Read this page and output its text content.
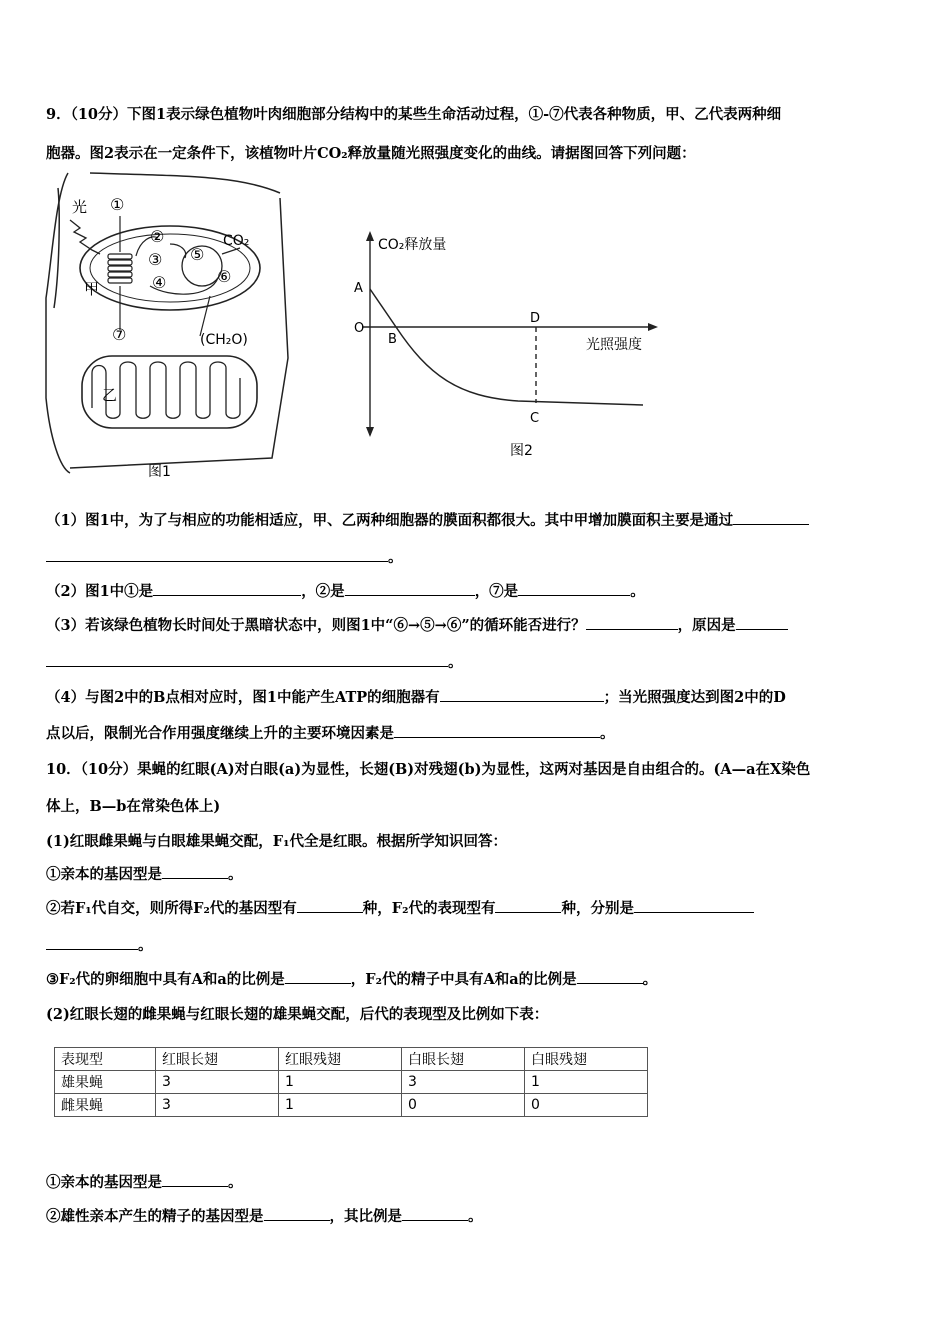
9．（10分）下图1表示绿色植物叶肉细胞部分结构中的某些生命活动过程，①-⑦代表各种物质，甲、乙代表两种细
胞器。图2表示在一定条件下，该植物叶片CO₂释放量随光照强度变化的曲线。请据图回答下列问题：
光 ①
②
③
④
⑤
⑥
⑦
CO₂
甲
乙
(CH₂O)
图1
CO₂释放量
光照强度
A
O
B
D
C
图2
（1）图1中，为了与相应的功能相适应，甲、乙两种细胞器的膜面积都很大。其中甲增加膜面积主要是通过
。
（2）图1中①是	，②是	，⑦是	。
（3）若该绿色植物长时间处于黑暗状态中，则图1中“⑥→⑤→⑥”的循环能否进行？	，原因是
。
（4）与图2中的B点相对应时，图1中能产生ATP的细胞器有	；当光照强度达到图2中的D
点以后，限制光合作用强度继续上升的主要环境因素是	。
10．（10分）果蝇的红眼(A)对白眼(a)为显性，长翅(B)对残翅(b)为显性，这两对基因是自由组合的。(A—a在X染色
体上，B—b在常染色体上)
(1)红眼雌果蝇与白眼雄果蝇交配，F₁代全是红眼。根据所学知识回答：
①亲本的基因型是	。
②若F₁代自交，则所得F₂代的基因型有	种，F₂代的表现型有	种，分别是
。
③F₂代的卵细胞中具有A和a的比例是	，F₂代的精子中具有A和a的比例是	。
(2)红眼长翅的雌果蝇与红眼长翅的雄果蝇交配，后代的表现型及比例如下表：
表现型	红眼长翅	红眼残翅	白眼长翅	白眼残翅
雄果蝇	3	1	3	1
雌果蝇	3	1	0	0
①亲本的基因型是	。
②雄性亲本产生的精子的基因型是	，其比例是	。
